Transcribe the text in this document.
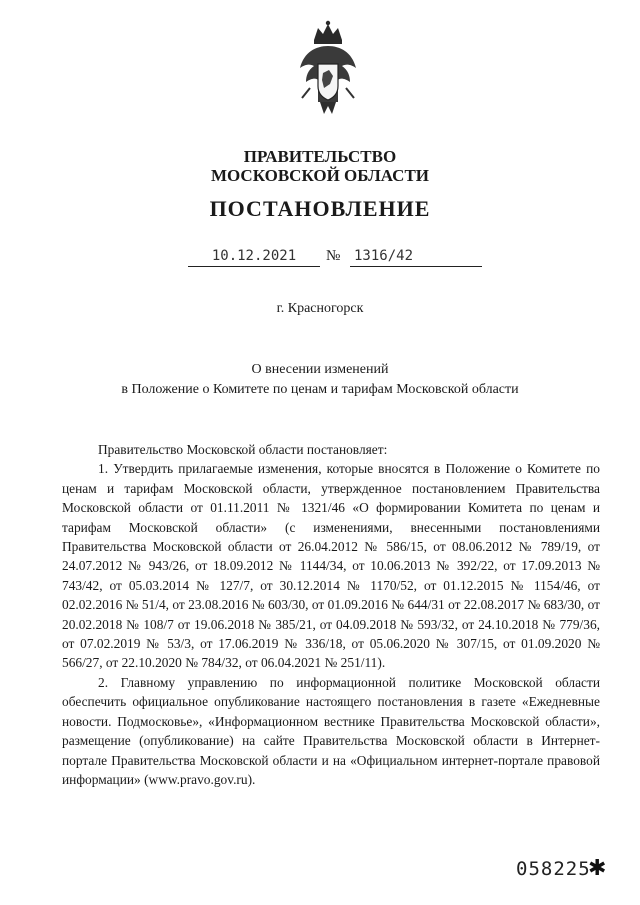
ПРАВИТЕЛЬСТВО
МОСКОВСКОЙ ОБЛАСТИ
ПОСТАНОВЛЕНИЕ
10.12.2021	№ 1316/42
г. Красногорск
О внесении изменений
в Положение о Комитете по ценам и тарифам Московской области

Правительство Московской области постановляет:

1. Утвердить прилагаемые изменения, которые вносятся в Положение о Комитете по ценам и тарифам Московской области, утвержденное постановлением Правительства Московской области от 01.11.2011 № 1321/46 «О формировании Комитета по ценам и тарифам Московской области» (с изменениями, внесенными постановлениями Правительства Московской области от 26.04.2012 № 586/15, от 08.06.2012 № 789/19, от 24.07.2012 № 943/26, от 18.09.2012 № 1144/34, от 10.06.2013 № 392/22, от 17.09.2013 № 743/42, от 05.03.2014 № 127/7, от 30.12.2014 № 1170/52, от 01.12.2015 № 1154/46, от 02.02.2016 № 51/4, от 23.08.2016 № 603/30, от 01.09.2016 № 644/31 от 22.08.2017 № 683/30, от 20.02.2018 № 108/7 от 19.06.2018 № 385/21, от 04.09.2018 № 593/32, от 24.10.2018 № 779/36, от 07.02.2019 № 53/3, от 17.06.2019 № 336/18, от 05.06.2020 № 307/15, от 01.09.2020 № 566/27, от 22.10.2020 № 784/32, от 06.04.2021 № 251/11).

2. Главному управлению по информационной политике Московской области обеспечить официальное опубликование настоящего постановления в газете «Ежедневные новости. Подмосковье», «Информационном вестнике Правительства Московской области», размещение (опубликование) на сайте Правительства Московской области в Интернет-портале Правительства Московской области и на «Официальном интернет-портале правовой информации» (www.pravo.gov.ru).

058225
✱
